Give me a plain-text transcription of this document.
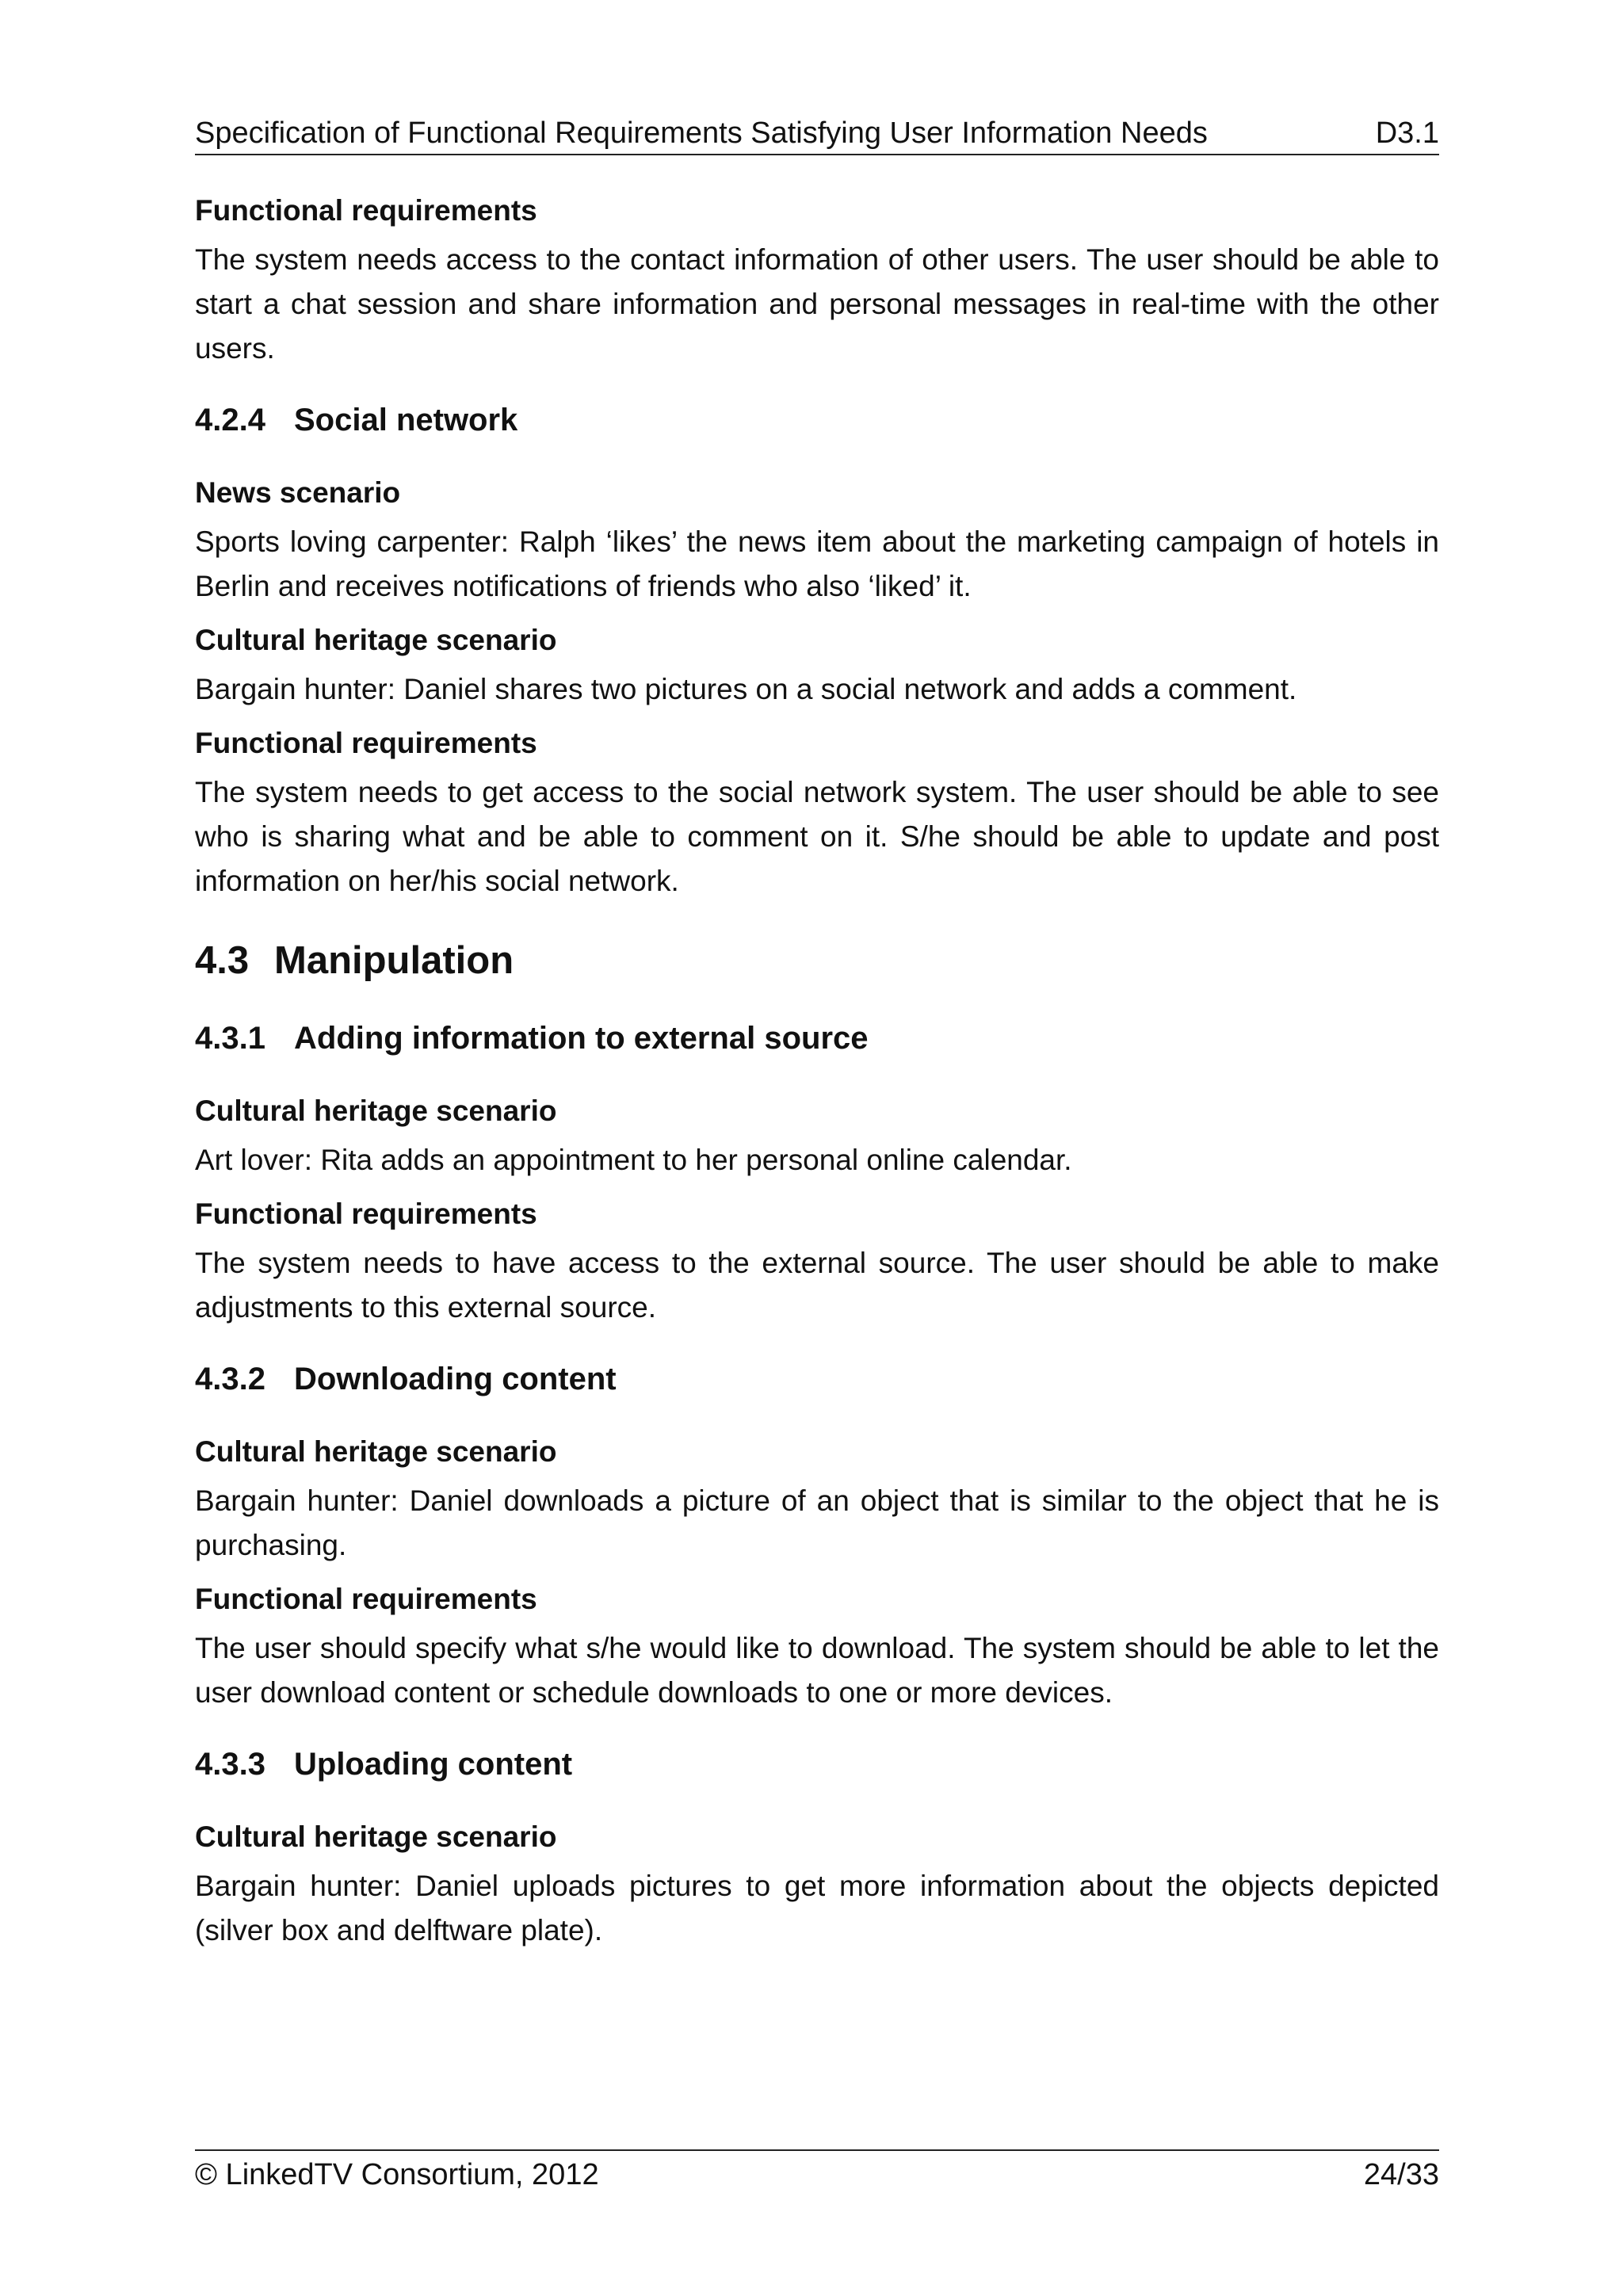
Specification of Functional Requirements Satisfying User Information Needs	D3.1

Functional requirements

The system needs access to the contact information of other users. The user should be able to start a chat session and share information and personal messages in real-time with the other users.

4.2.4 Social network

News scenario

Sports loving carpenter: Ralph ‘likes’ the news item about the marketing campaign of hotels in Berlin and receives notifications of friends who also ‘liked’ it.

Cultural heritage scenario

Bargain hunter: Daniel shares two pictures on a social network and adds a comment.

Functional requirements

The system needs to get access to the social network system. The user should be able to see who is sharing what and be able to comment on it. S/he should be able to update and post information on her/his social network.

4.3 Manipulation

4.3.1 Adding information to external source

Cultural heritage scenario

Art lover: Rita adds an appointment to her personal online calendar.

Functional requirements

The system needs to have access to the external source. The user should be able to make adjustments to this external source.

4.3.2 Downloading content

Cultural heritage scenario

Bargain hunter: Daniel downloads a picture of an object that is similar to the object that he is purchasing.

Functional requirements

The user should specify what s/he would like to download. The system should be able to let the user download content or schedule downloads to one or more devices.

4.3.3 Uploading content

Cultural heritage scenario

Bargain hunter: Daniel uploads pictures to get more information about the objects depicted (silver box and delftware plate).

© LinkedTV Consortium, 2012	24/33
